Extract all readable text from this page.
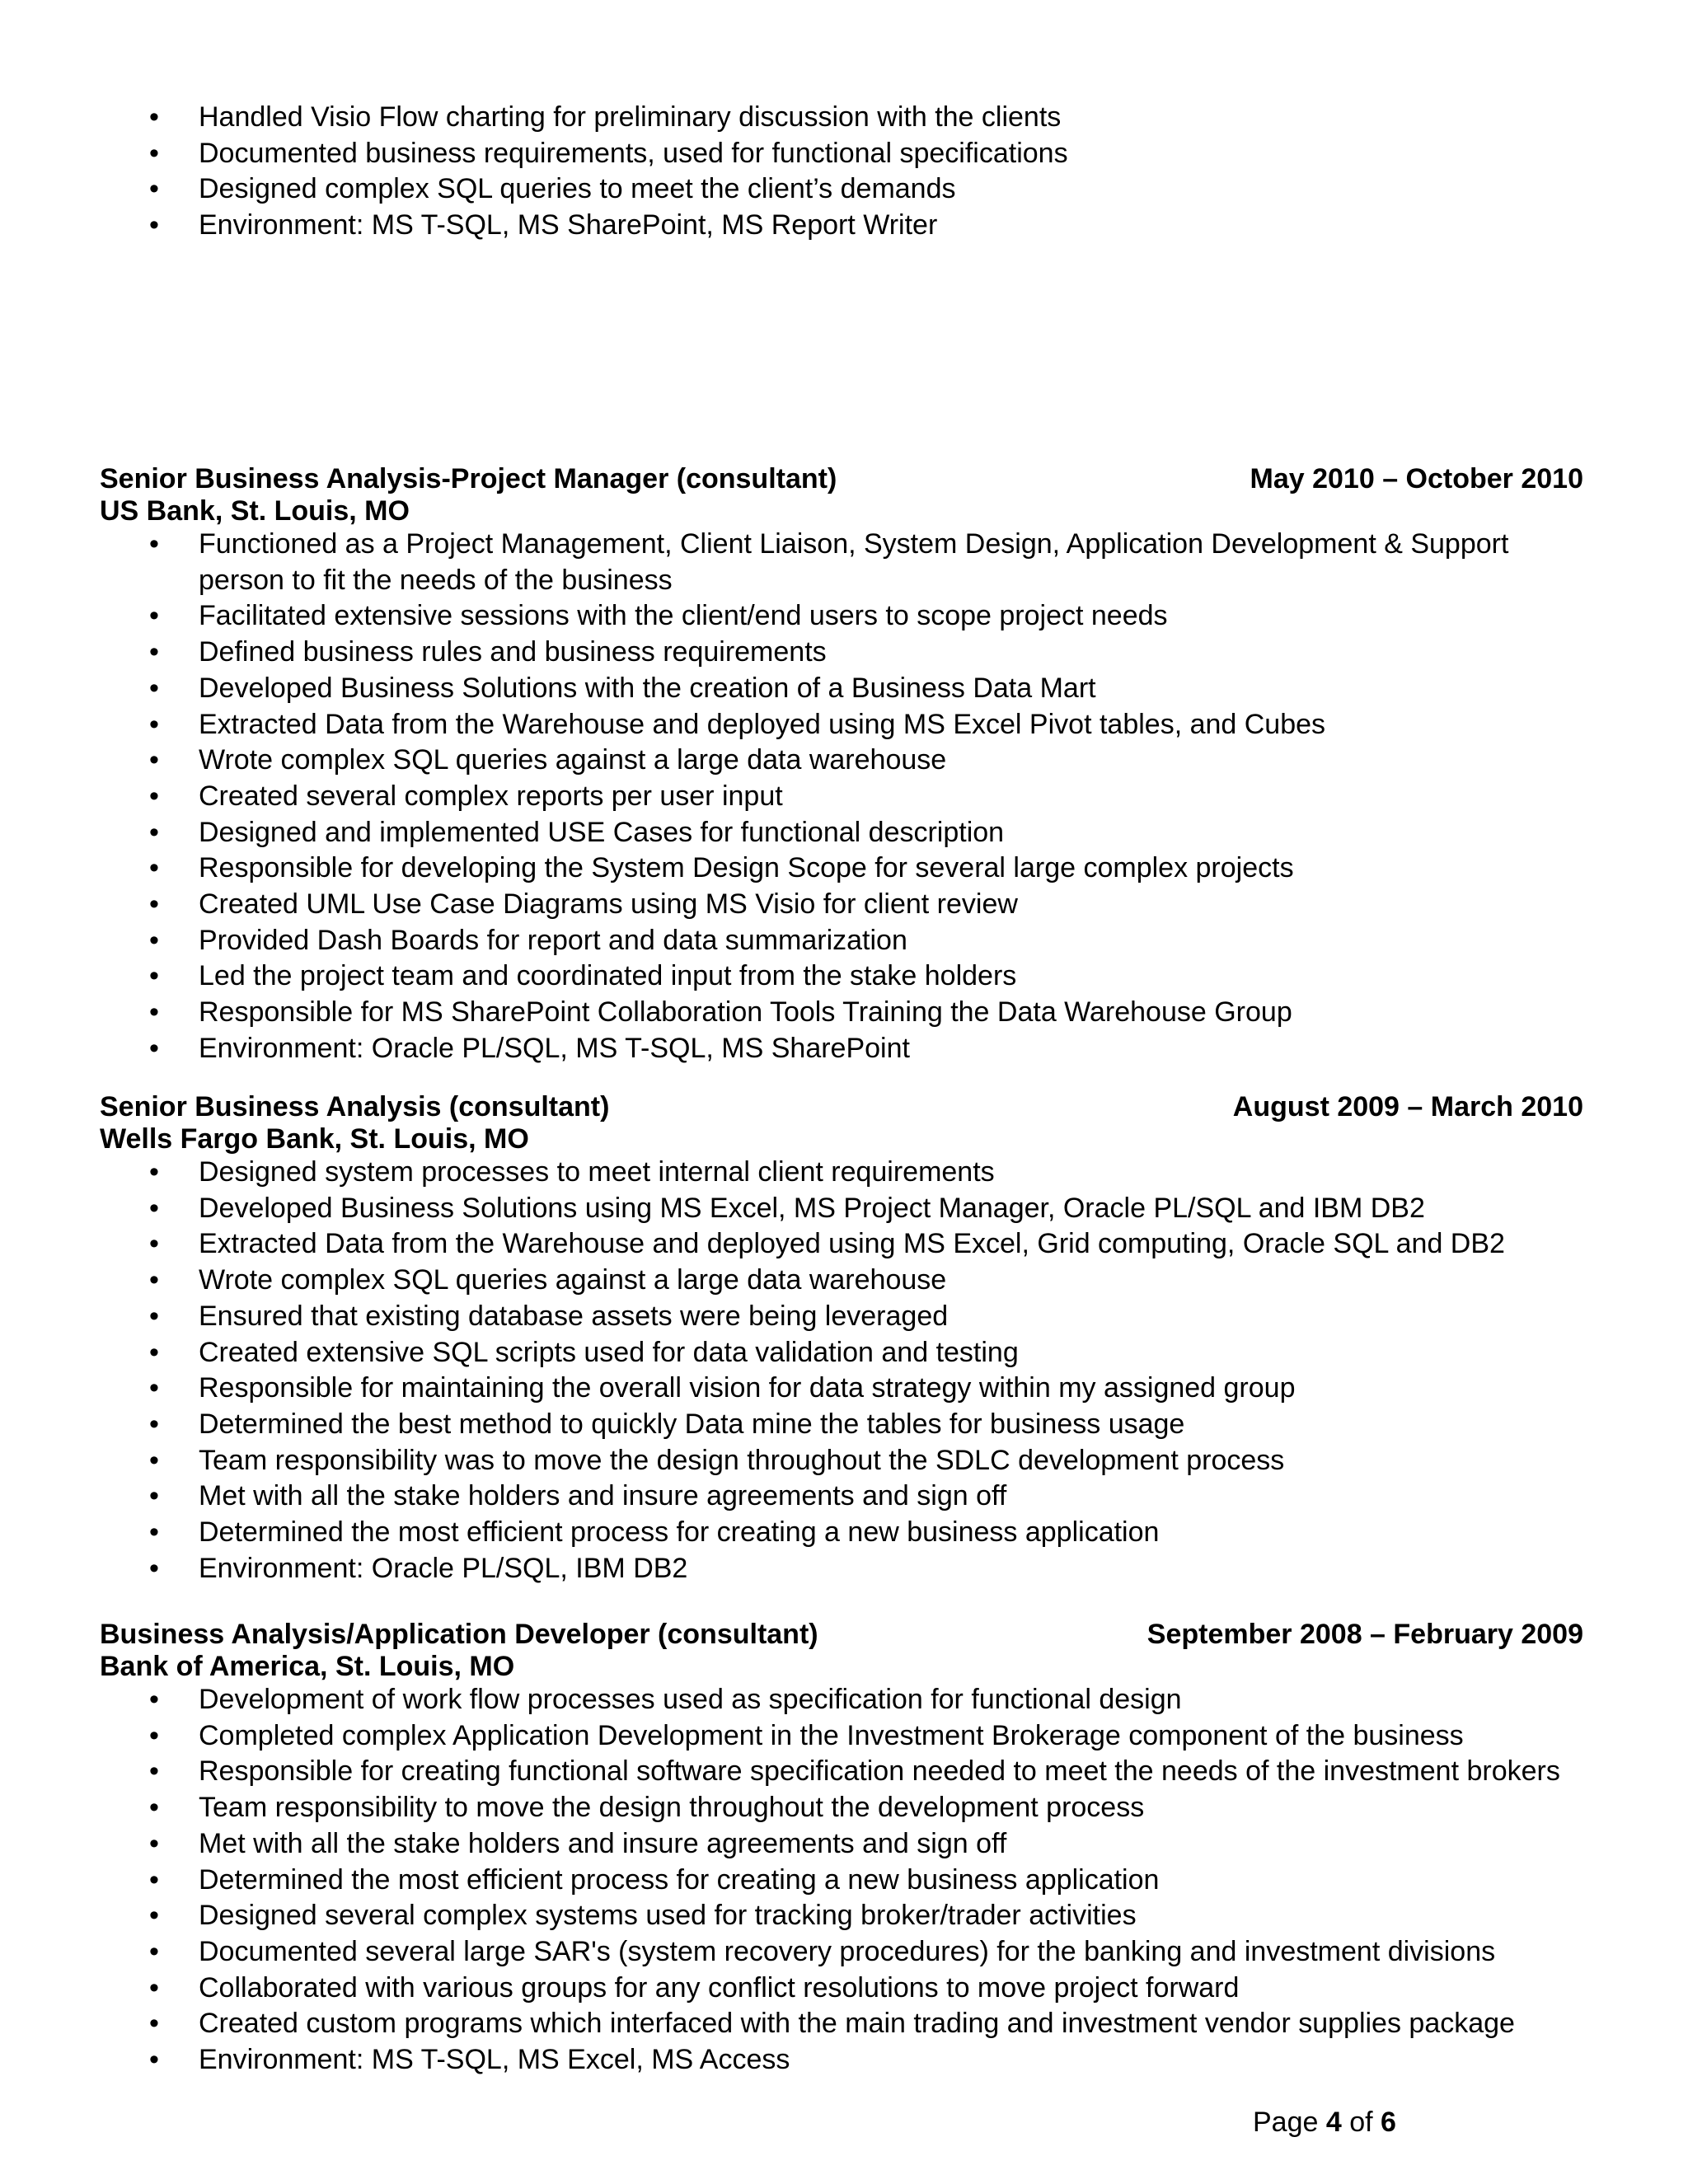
• Handled Visio Flow charting for preliminary discussion with the clients
• Documented business requirements, used for functional specifications
• Designed complex SQL queries to meet the client’s demands
• Environment: MS T-SQL, MS SharePoint, MS Report Writer
Senior Business Analysis-Project Manager (consultant)	May 2010 – October 2010
US Bank, St. Louis, MO
• Functioned as a Project Management, Client Liaison, System Design, Application Development & Support person to fit the needs of the business
• Facilitated extensive sessions with the client/end users to scope project needs
• Defined business rules and business requirements
• Developed Business Solutions with the creation of a Business Data Mart
• Extracted Data from the Warehouse and deployed using MS Excel Pivot tables, and Cubes
• Wrote complex SQL queries against a large data warehouse
• Created several complex reports per user input
• Designed and implemented USE Cases for functional description
• Responsible for developing the System Design Scope for several large complex projects
• Created UML Use Case Diagrams using MS Visio for client review
• Provided Dash Boards for report and data summarization
• Led the project team and coordinated input from the stake holders
• Responsible for MS SharePoint Collaboration Tools Training the Data Warehouse Group
• Environment: Oracle PL/SQL, MS T-SQL, MS SharePoint
Senior Business Analysis (consultant)	August 2009 – March 2010
Wells Fargo Bank, St. Louis, MO
• Designed system processes to meet internal client requirements
• Developed Business Solutions using MS Excel, MS Project Manager, Oracle PL/SQL and IBM DB2
• Extracted Data from the Warehouse and deployed using MS Excel, Grid computing, Oracle SQL and DB2
• Wrote complex SQL queries against a large data warehouse
• Ensured that existing database assets were being leveraged
• Created extensive SQL scripts used for data validation and testing
• Responsible for maintaining the overall vision for data strategy within my assigned group
• Determined the best method to quickly Data mine the tables for business usage
• Team responsibility was to move the design throughout the SDLC development process
• Met with all the stake holders and insure agreements and sign off
• Determined the most efficient process for creating a new business application
• Environment: Oracle PL/SQL, IBM DB2
Business Analysis/Application Developer (consultant)	September 2008 – February 2009
Bank of America, St. Louis, MO
• Development of work flow processes used as specification for functional design
• Completed complex Application Development in the Investment Brokerage component of the business
• Responsible for creating functional software specification needed to meet the needs of the investment brokers
• Team responsibility to move the design throughout the development process
• Met with all the stake holders and insure agreements and sign off
• Determined the most efficient process for creating a new business application
• Designed several complex systems used for tracking broker/trader activities
• Documented several large SAR's (system recovery procedures) for the banking and investment divisions
• Collaborated with various groups for any conflict resolutions to move project forward
• Created custom programs which interfaced with the main trading and investment vendor supplies package
• Environment: MS T-SQL, MS Excel, MS Access
Page 4 of 6
